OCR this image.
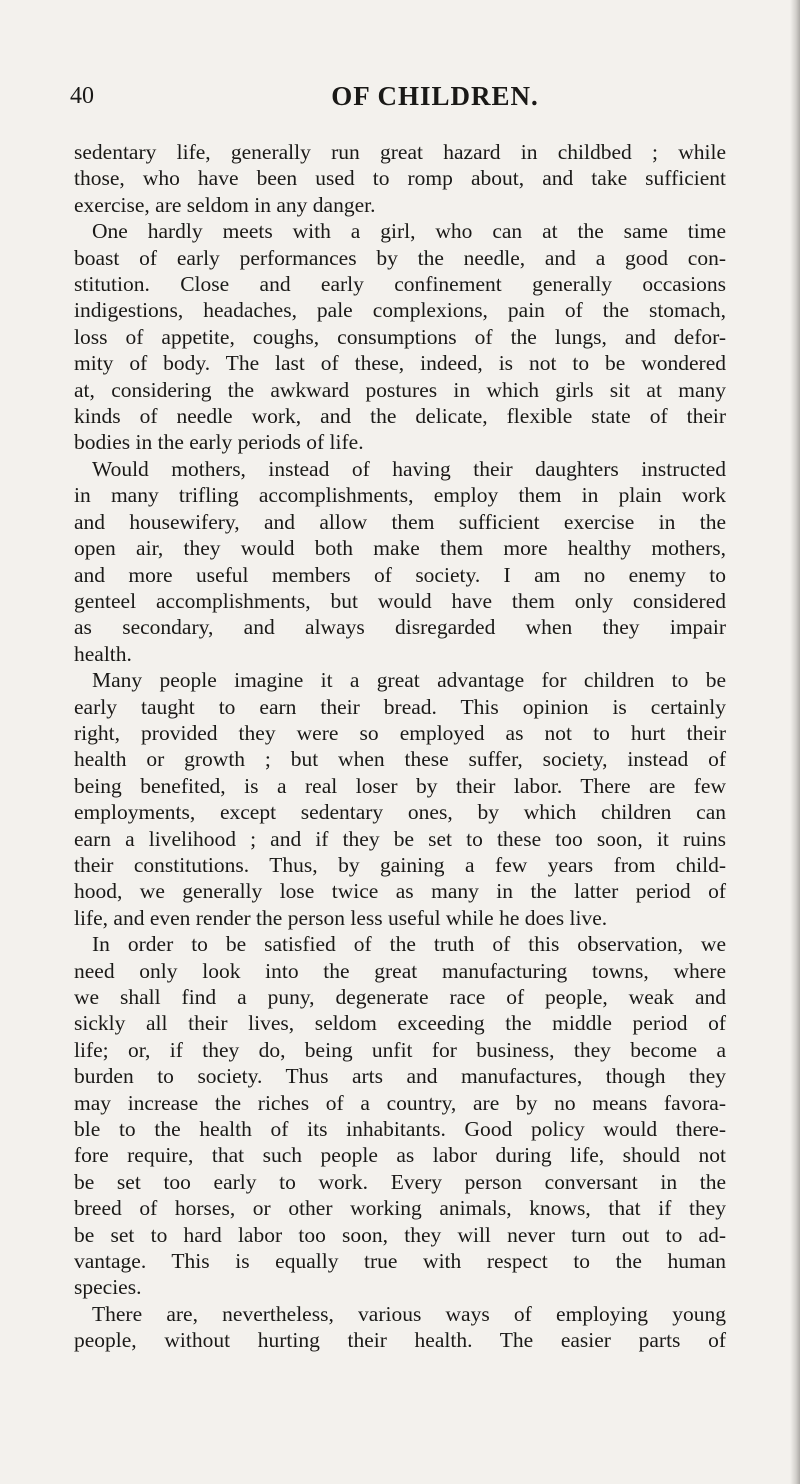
40	OF CHILDREN.
sedentary life, generally run great hazard in childbed ; while
those, who have been used to romp about, and take sufficient
exercise, are seldom in any danger.
One hardly meets with a girl, who can at the same time
boast of early performances by the needle, and a good con-
stitution. Close and early confinement generally occasions
indigestions, headaches, pale complexions, pain of the stomach,
loss of appetite, coughs, consumptions of the lungs, and defor-
mity of body. The last of these, indeed, is not to be wondered
at, considering the awkward postures in which girls sit at many
kinds of needle work, and the delicate, flexible state of their
bodies in the early periods of life.
Would mothers, instead of having their daughters instructed
in many trifling accomplishments, employ them in plain work
and housewifery, and allow them sufficient exercise in the
open air, they would both make them more healthy mothers,
and more useful members of society. I am no enemy to
genteel accomplishments, but would have them only considered
as secondary, and always disregarded when they impair
health.
Many people imagine it a great advantage for children to be
early taught to earn their bread. This opinion is certainly
right, provided they were so employed as not to hurt their
health or growth ; but when these suffer, society, instead of
being benefited, is a real loser by their labor. There are few
employments, except sedentary ones, by which children can
earn a livelihood ; and if they be set to these too soon, it ruins
their constitutions. Thus, by gaining a few years from child-
hood, we generally lose twice as many in the latter period of
life, and even render the person less useful while he does live.
In order to be satisfied of the truth of this observation, we
need only look into the great manufacturing towns, where
we shall find a puny, degenerate race of people, weak and
sickly all their lives, seldom exceeding the middle period of
life; or, if they do, being unfit for business, they become a
burden to society. Thus arts and manufactures, though they
may increase the riches of a country, are by no means favora-
ble to the health of its inhabitants. Good policy would there-
fore require, that such people as labor during life, should not
be set too early to work. Every person conversant in the
breed of horses, or other working animals, knows, that if they
be set to hard labor too soon, they will never turn out to ad-
vantage. This is equally true with respect to the human
species.
There are, nevertheless, various ways of employing young
people, without hurting their health. The easier parts of
